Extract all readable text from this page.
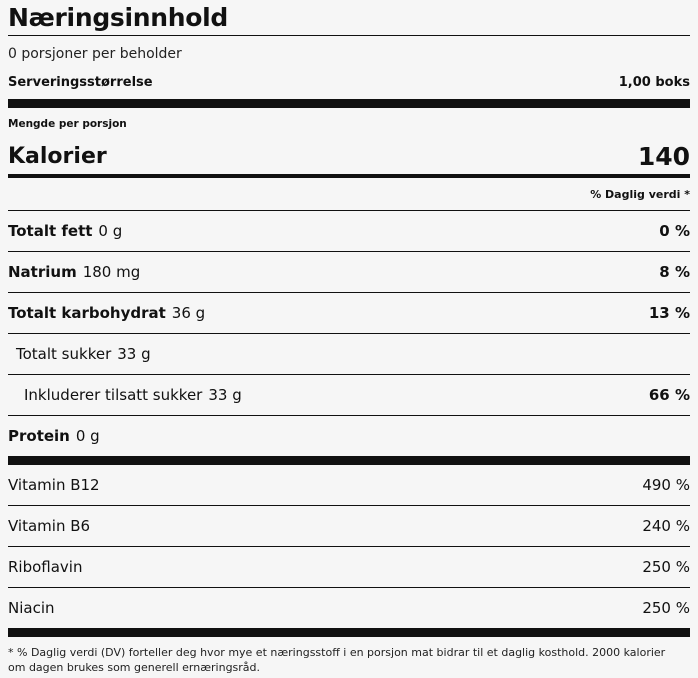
Næringsinnhold
0 porsjoner per beholder
Serveringsstørrelse	1,00 boks
Mengde per porsjon
Kalorier	140
% Daglig verdi *
Totalt fett 0 g	0 %
Natrium 180 mg	8 %
Totalt karbohydrat 36 g	13 %
Totalt sukker 33 g
Inkluderer tilsatt sukker 33 g	66 %
Protein 0 g
Vitamin B12	490 %
Vitamin B6	240 %
Riboflavin	250 %
Niacin	250 %
* % Daglig verdi (DV) forteller deg hvor mye et næringsstoff i en porsjon mat bidrar til et daglig kosthold. 2000 kalorier om dagen brukes som generell ernæringsråd.
